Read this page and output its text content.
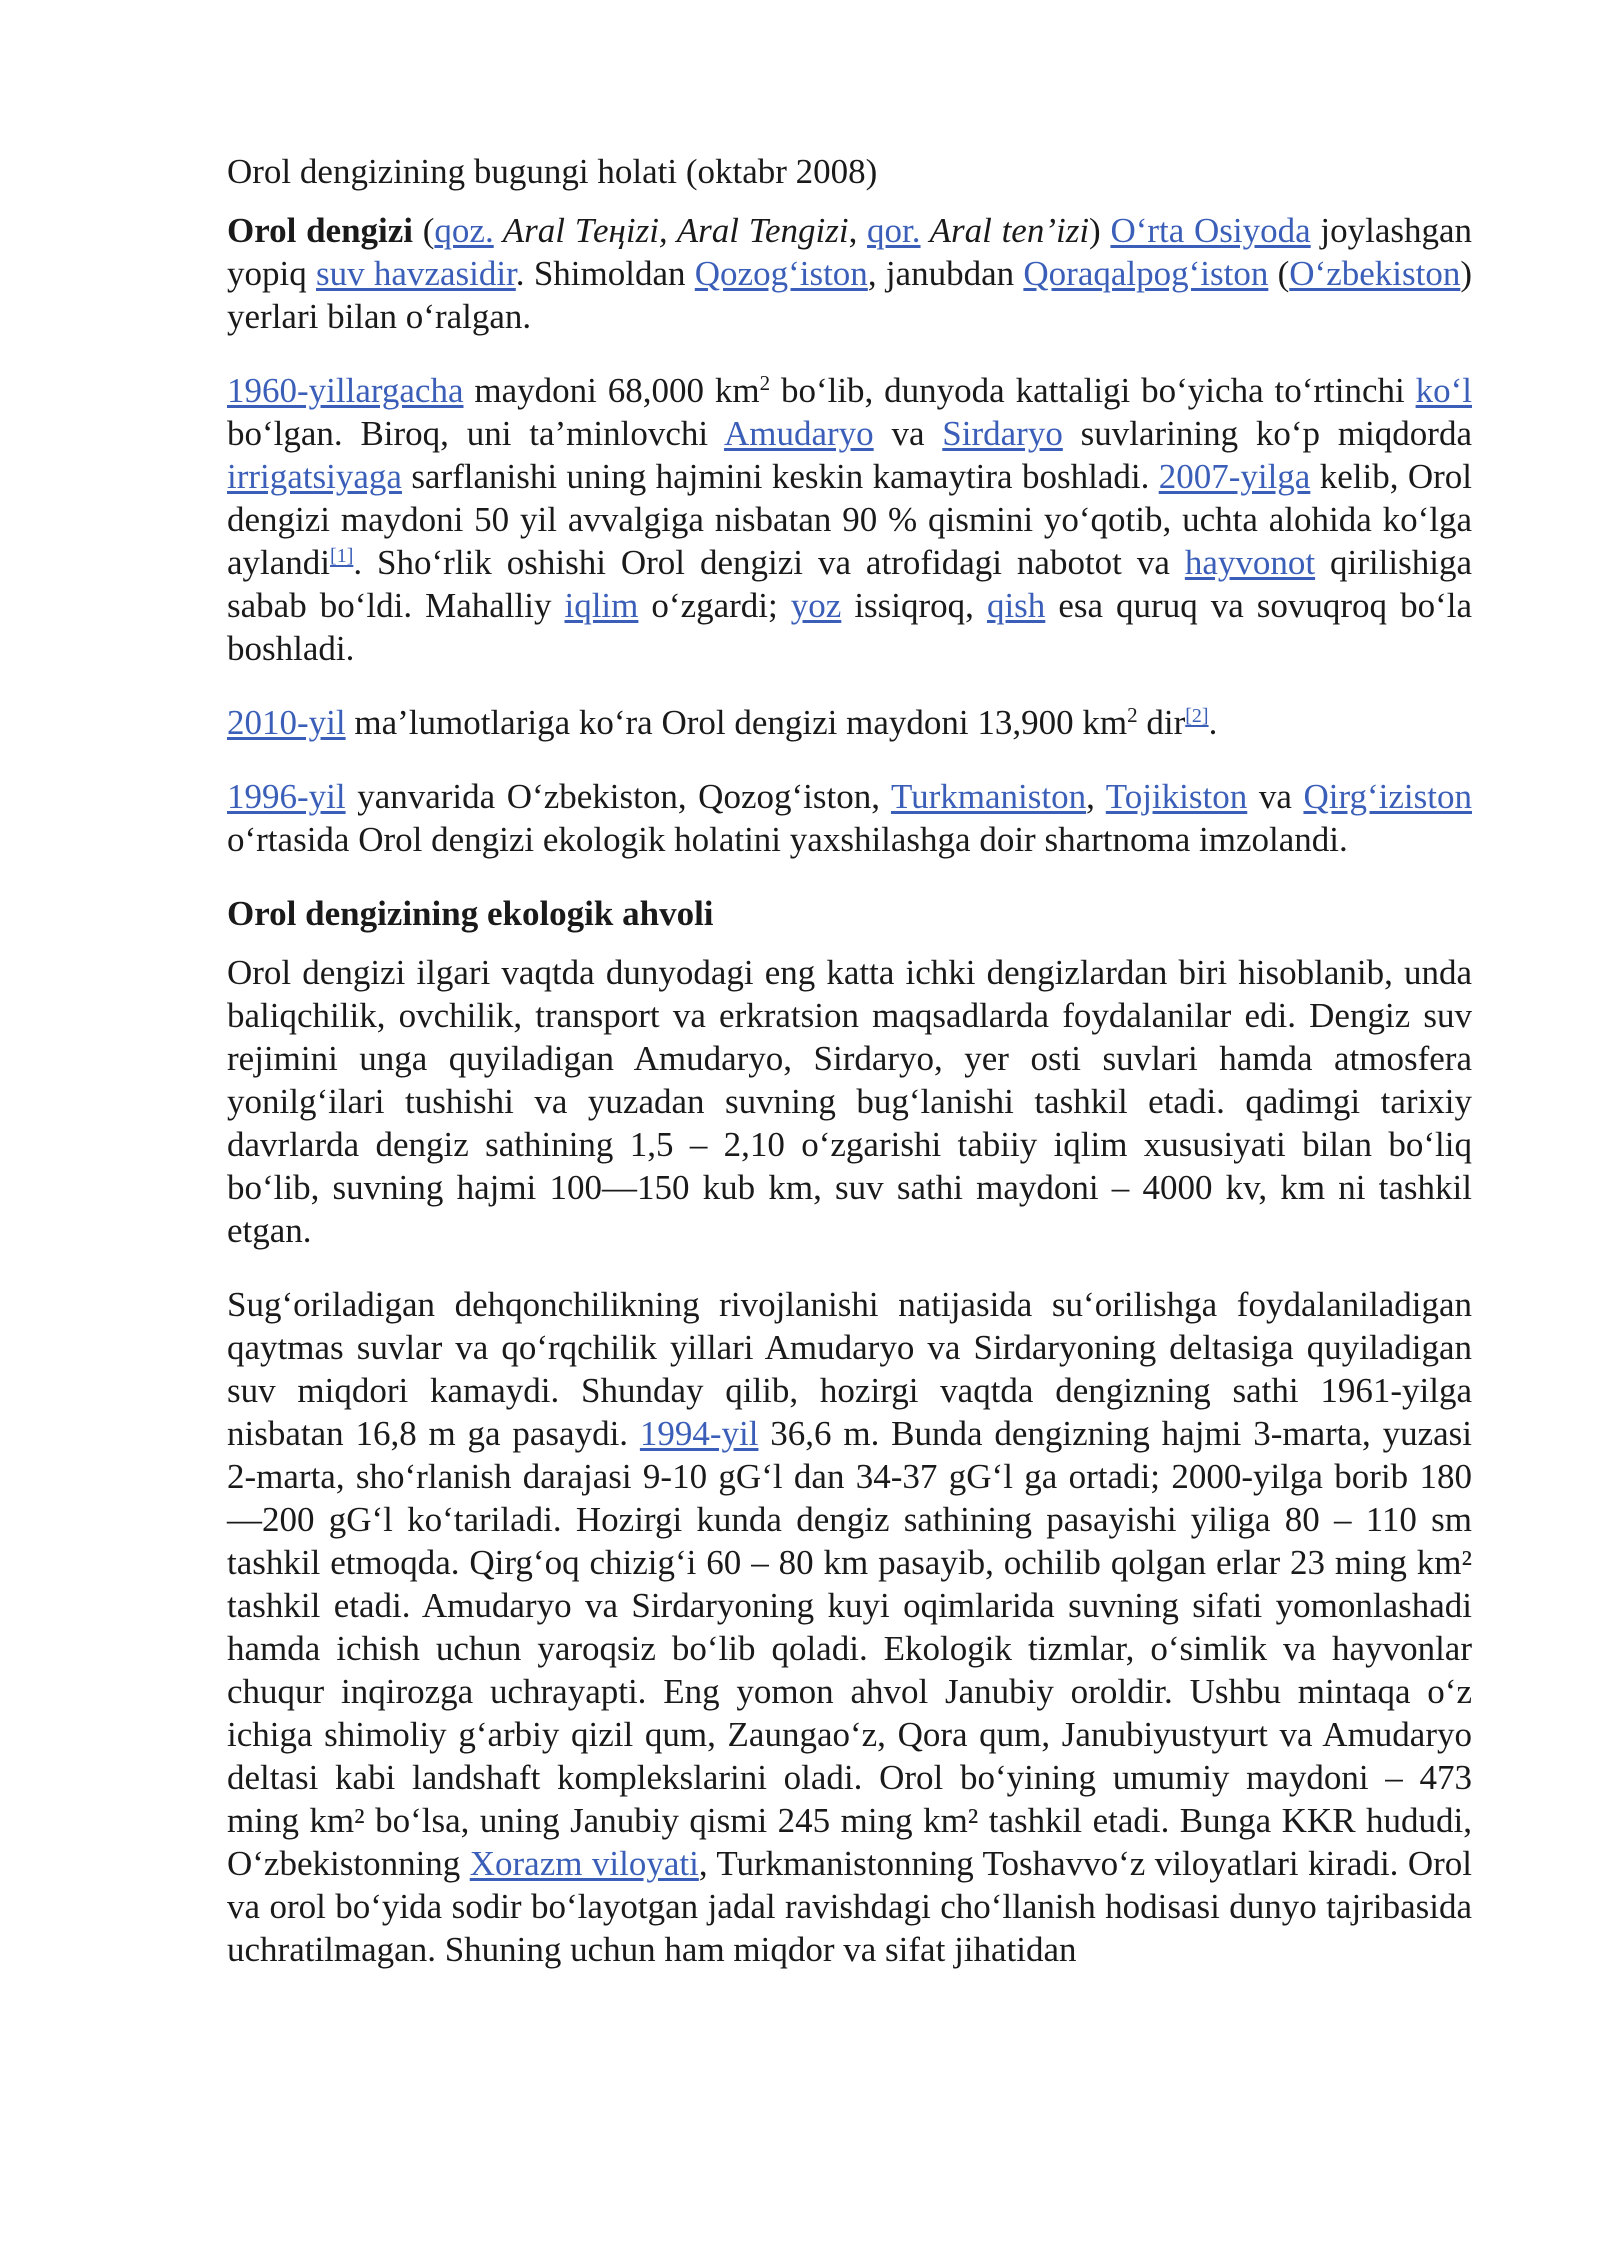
Orol dengizining bugungi holati (oktabr 2008)

Orol dengizi (qoz. Aral Теңizi, Aral Tengizi, qor. Aral ten’izi) O‘rta Osiyoda joylashgan yopiq suv havzasidir. Shimoldan Qozog‘iston, janubdan Qoraqalpog‘iston (O‘zbekiston) yerlari bilan o‘ralgan.

1960-yillargacha maydoni 68,000 $km^2$ bo‘lib, dunyoda kattaligi bo‘yicha to‘rtinchi ko‘l bo‘lgan. Biroq, uni ta’minlovchi Amudaryo va Sirdaryo suvlarining ko‘p miqdorda irrigatsiyaga sarflanishi uning hajmini keskin kamaytira boshladi. 2007-yilga kelib, Orol dengizi maydoni 50 yil avvalgiga nisbatan 90 % qismini yo‘qotib, uchta alohida ko‘lga aylandi[1]. Sho‘rlik oshishi Orol dengizi va atrofidagi nabotot va hayvonot qirilishiga sabab bo‘ldi. Mahalliy iqlim o‘zgardi; yoz issiqroq, qish esa quruq va sovuqroq bo‘la boshladi.

2010-yil ma’lumotlariga ko‘ra Orol dengizi maydoni 13,900 $km^2$ dir[2].

1996-yil yanvarida O‘zbekiston, Qozog‘iston, Turkmaniston, Tojikiston va Qirg‘iziston o‘rtasida Orol dengizi ekologik holatini yaxshilashga doir shartnoma imzolandi.

Orol dengizining ekologik ahvoli

Orol dengizi ilgari vaqtda dunyodagi eng katta ichki dengizlardan biri hisoblanib, unda baliqchilik, ovchilik, transport va erkratsion maqsadlarda foydalanilar edi. Dengiz suv rejimini unga quyiladigan Amudaryo, Sirdaryo, yer osti suvlari hamda atmosfera yonilg‘ilari tushishi va yuzadan suvning bug‘lanishi tashkil etadi. qadimgi tarixiy davrlarda dengiz sathining 1,5 – 2,10 o‘zgarishi tabiiy iqlim xususiyati bilan bo‘liq bo‘lib, suvning hajmi 100—150 kub km, suv sathi maydoni – 4000 kv, km ni tashkil etgan.

Sug‘oriladigan dehqonchilikning rivojlanishi natijasida su‘orilishga foydalaniladigan qaytmas suvlar va qo‘rqchilik yillari Amudaryo va Sirdaryoning deltasiga quyiladigan suv miqdori kamaydi. Shunday qilib, hozirgi vaqtda dengizning sathi 1961-yilga nisbatan 16,8 m ga pasaydi. 1994-yil 36,6 m. Bunda dengizning hajmi 3-marta, yuzasi 2-marta, sho‘rlanish darajasi 9-10 gG‘l dan 34-37 gG‘l ga ortadi; 2000-yilga borib 180—200 gG‘l ko‘tariladi. Hozirgi kunda dengiz sathining pasayishi yiliga 80 – 110 sm tashkil etmoqda. Qirg‘oq chizig‘i 60 – 80 km pasayib, ochilib qolgan erlar 23 ming km² tashkil etadi. Amudaryo va Sirdaryoning kuyi oqimlarida suvning sifati yomonlashadi hamda ichish uchun yaroqsiz bo‘lib qoladi. Ekologik tizmlar, o‘simlik va hayvonlar chuqur inqirozga uchrayapti. Eng yomon ahvol Janubiy oroldir. Ushbu mintaqa o‘z ichiga shimoliy g‘arbiy qizil qum, Zaungao‘z, Qora qum, Janubiyustyurt va Amudaryo deltasi kabi landshaft komplekslarini oladi. Orol bo‘yining umumiy maydoni – 473 ming km² bo‘lsa, uning Janubiy qismi 245 ming km² tashkil etadi. Bunga KKR hududi, O‘zbekistonning Xorazm viloyati, Turkmanistonning Toshavvo‘z viloyatlari kiradi. Orol va orol bo‘yida sodir bo‘layotgan jadal ravishdagi cho‘llanish hodisasi dunyo tajribasida uchratilmagan. Shuning uchun ham miqdor va sifat jihatidan
